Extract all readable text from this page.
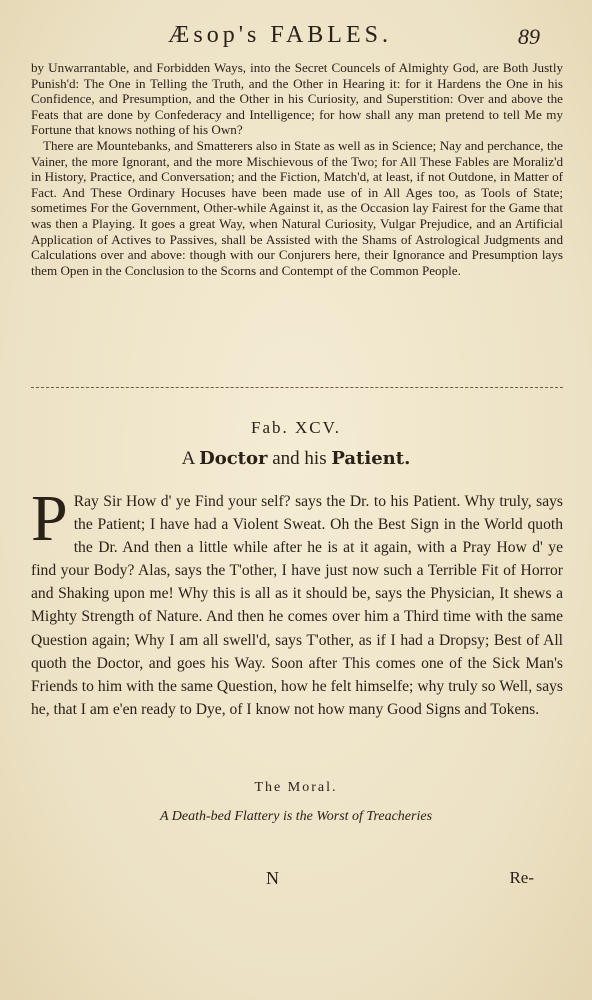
Æsop's FABLES.	89

by Unwarrantable, and Forbidden Ways, into the Secret Councels of Almighty God, are Both Justly Punish'd: The One in Telling the Truth, and the Other in Hearing it: for it Hardens the One in his Confidence, and Presumption, and the Other in his Curiosity, and Superstition: Over and above the Feats that are done by Confederacy and Intelligence; for how shall any man pretend to tell Me my Fortune that knows nothing of his Own?

There are Mountebanks, and Smatterers also in State as well as in Science; Nay and perchance, the Vainer, the more Ignorant, and the more Mischievous of the Two; for All These Fables are Moraliz'd in History, Practice, and Conversation; and the Fiction, Match'd, at least, if not Outdone, in Matter of Fact. And These Ordinary Hocuses have been made use of in All Ages too, as Tools of State; sometimes For the Government, Other-while Against it, as the Occasion lay Fairest for the Game that was then a Playing. It goes a great Way, when Natural Curiosity, Vulgar Prejudice, and an Artificial Application of Actives to Passives, shall be Assisted with the Shams of Astrological Judgments and Calculations over and above: though with our Conjurers here, their Ignorance and Presumption lays them Open in the Conclusion to the Scorns and Contempt of the Common People.

Fab. XCV.
A Doctor and his Patient.
P Ray Sir How d' ye Find your self? says the Dr. to his Patient. Why truly, says the Patient; I have had a Violent Sweat. Oh the Best Sign in the World quoth the Dr. And then a little while after he is at it again, with a Pray How d' ye find your Body? Alas, says the T'other, I have just now such a Terrible Fit of Horror and Shaking upon me! Why this is all as it should be, says the Physician, It shews a Mighty Strength of Nature. And then he comes over him a Third time with the same Question again; Why I am all swell'd, says T'other, as if I had a Dropsy; Best of All quoth the Doctor, and goes his Way. Soon after This comes one of the Sick Man's Friends to him with the same Question, how he felt himselfe; why truly so Well, says he, that I am e'en ready to Dye, of I know not how many Good Signs and Tokens.

The Moral.
A Death-bed Flattery is the Worst of Treacheries
N	Re-
